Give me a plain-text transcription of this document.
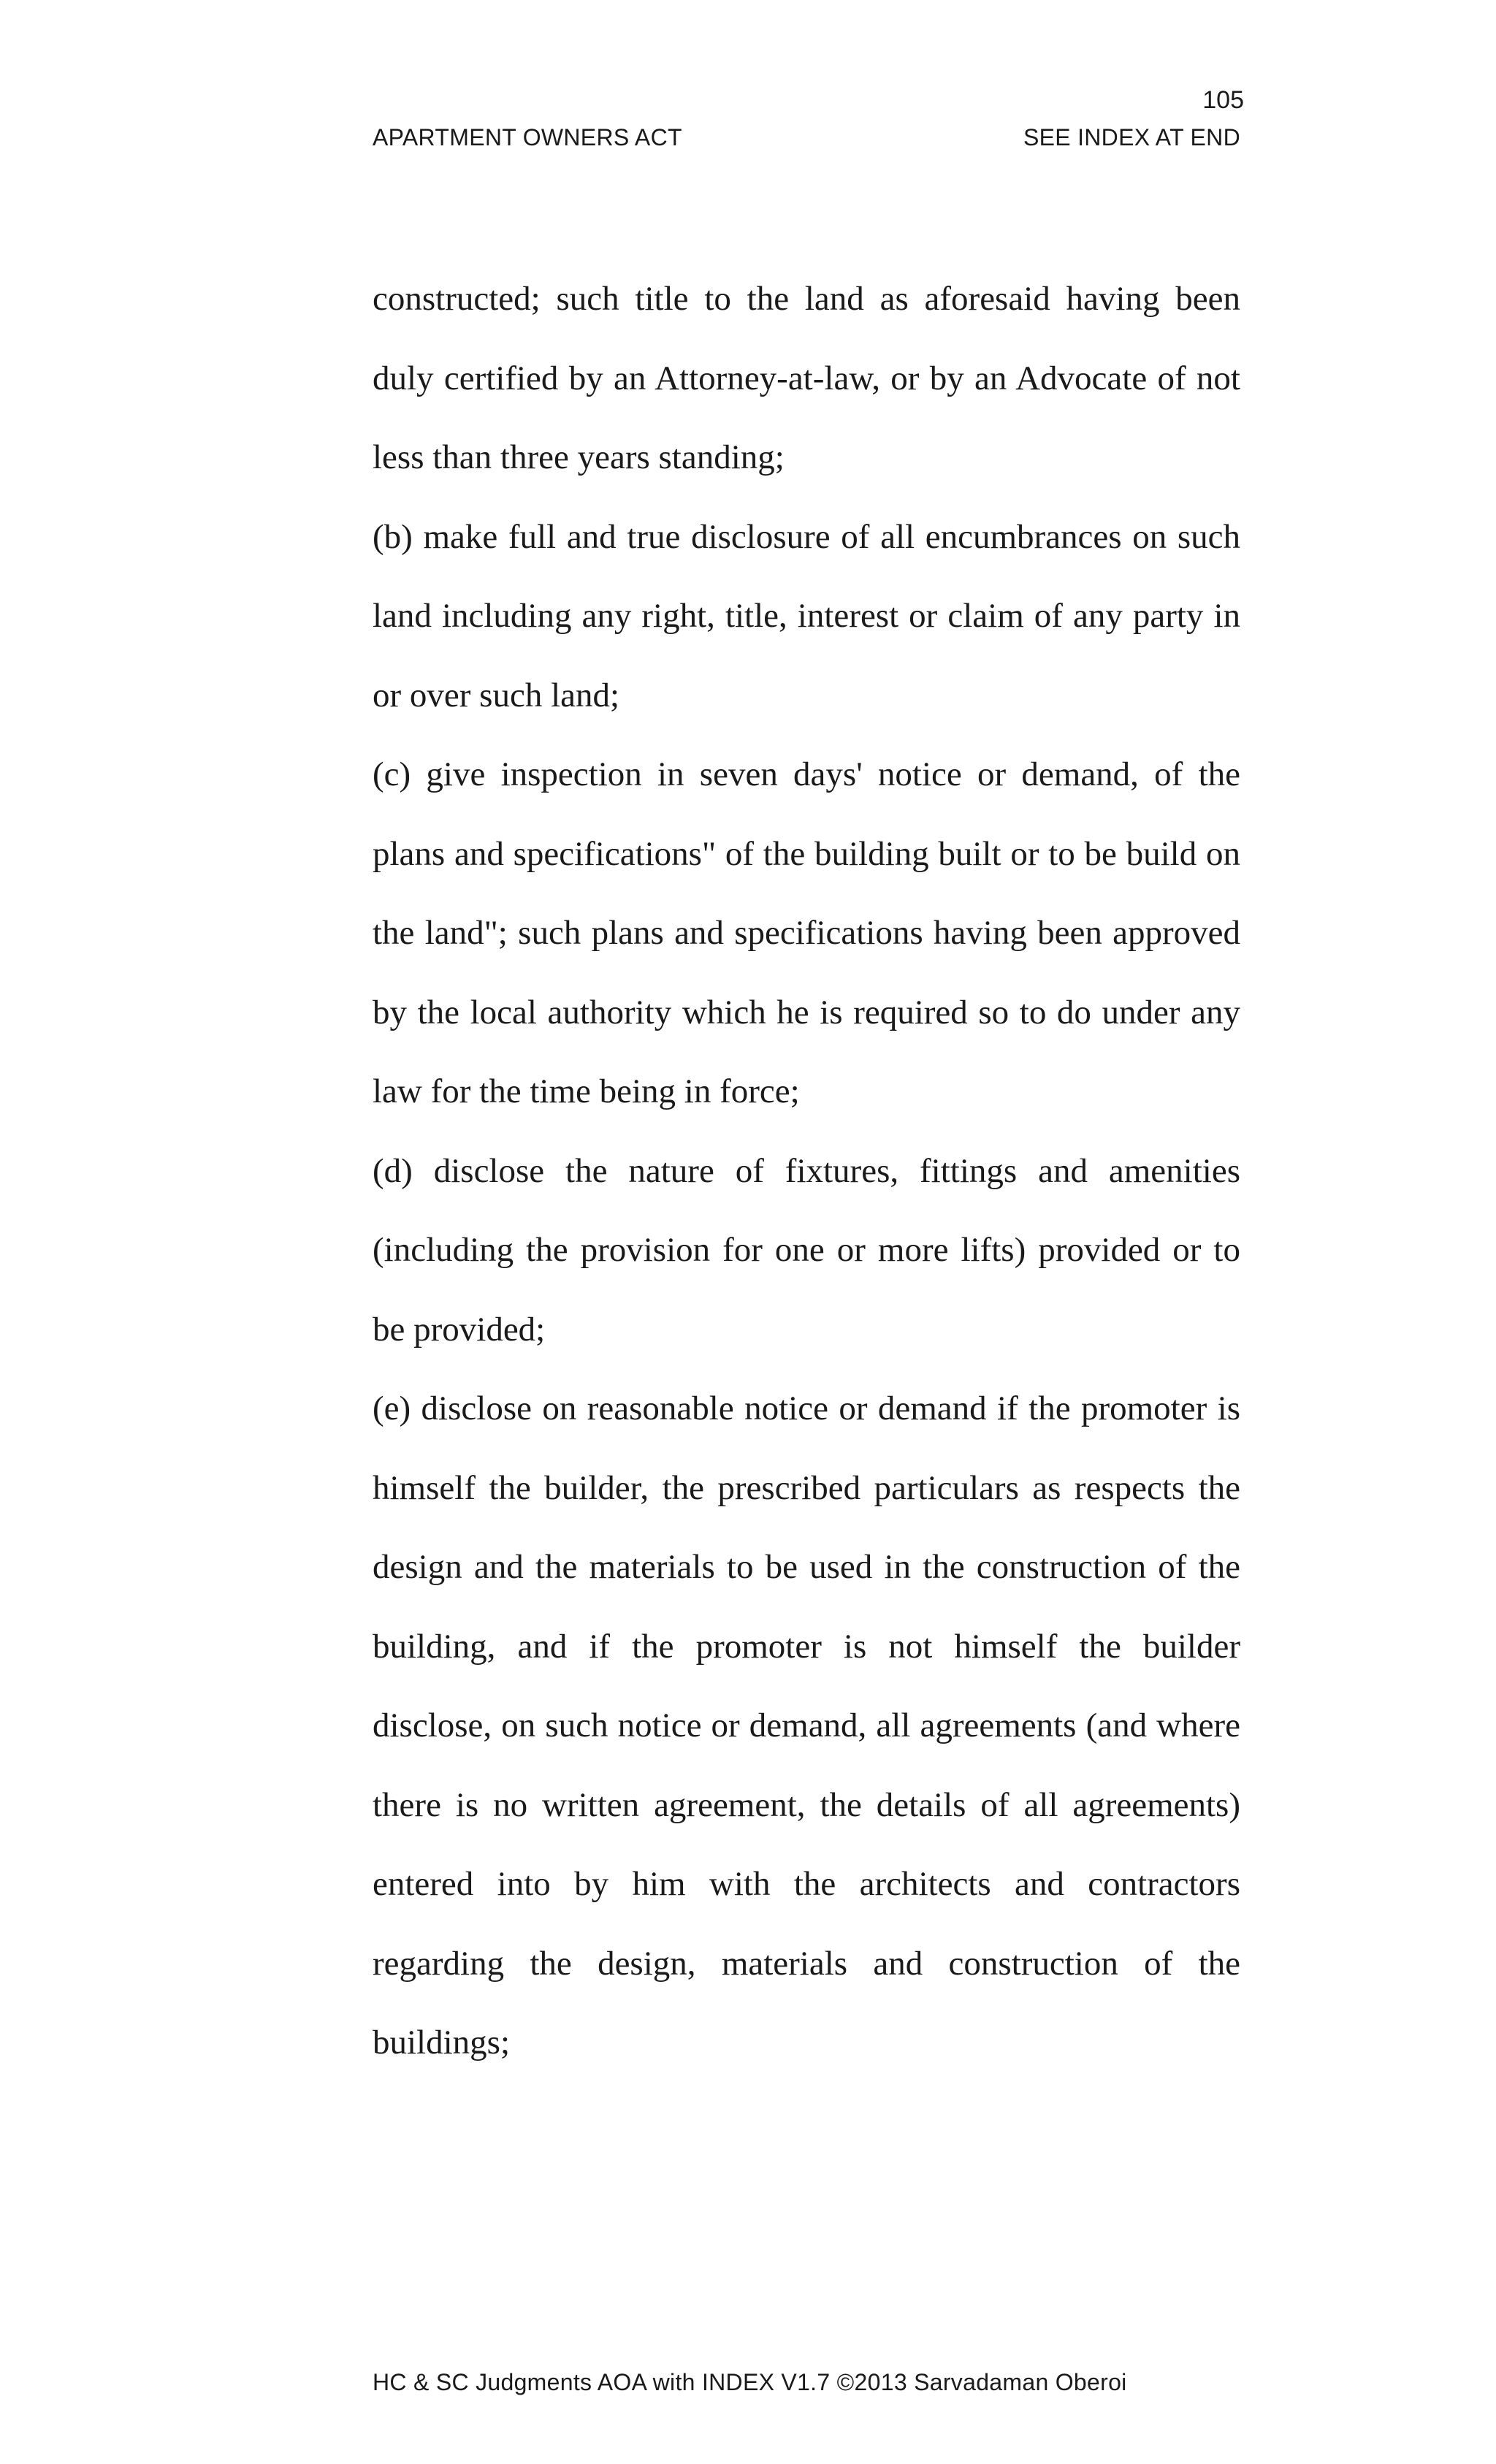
105
APARTMENT OWNERS ACT	SEE INDEX AT END

constructed; such title to the land as aforesaid having been duly certified by an Attorney-at-law, or by an Advocate of not less than three years standing;

(b) make full and true disclosure of all encumbrances on such land including any right, title, interest or claim of any party in or over such land;

(c) give inspection in seven days' notice or demand, of the plans and specifications" of the building built or to be build on the land"; such plans and specifications having been approved by the local authority which he is required so to do under any law for the time being in force;

(d) disclose the nature of fixtures, fittings and amenities (including the provision for one or more lifts) provided or to be provided;

(e) disclose on reasonable notice or demand if the promoter is himself the builder, the prescribed particulars as respects the design and the materials to be used in the construction of the building, and if the promoter is not himself the builder disclose, on such notice or demand, all agreements (and where there is no written agreement, the details of all agreements) entered into by him with the architects and contractors regarding the design, materials and construction of the buildings;

HC & SC Judgments AOA with INDEX V1.7 ©2013 Sarvadaman Oberoi
